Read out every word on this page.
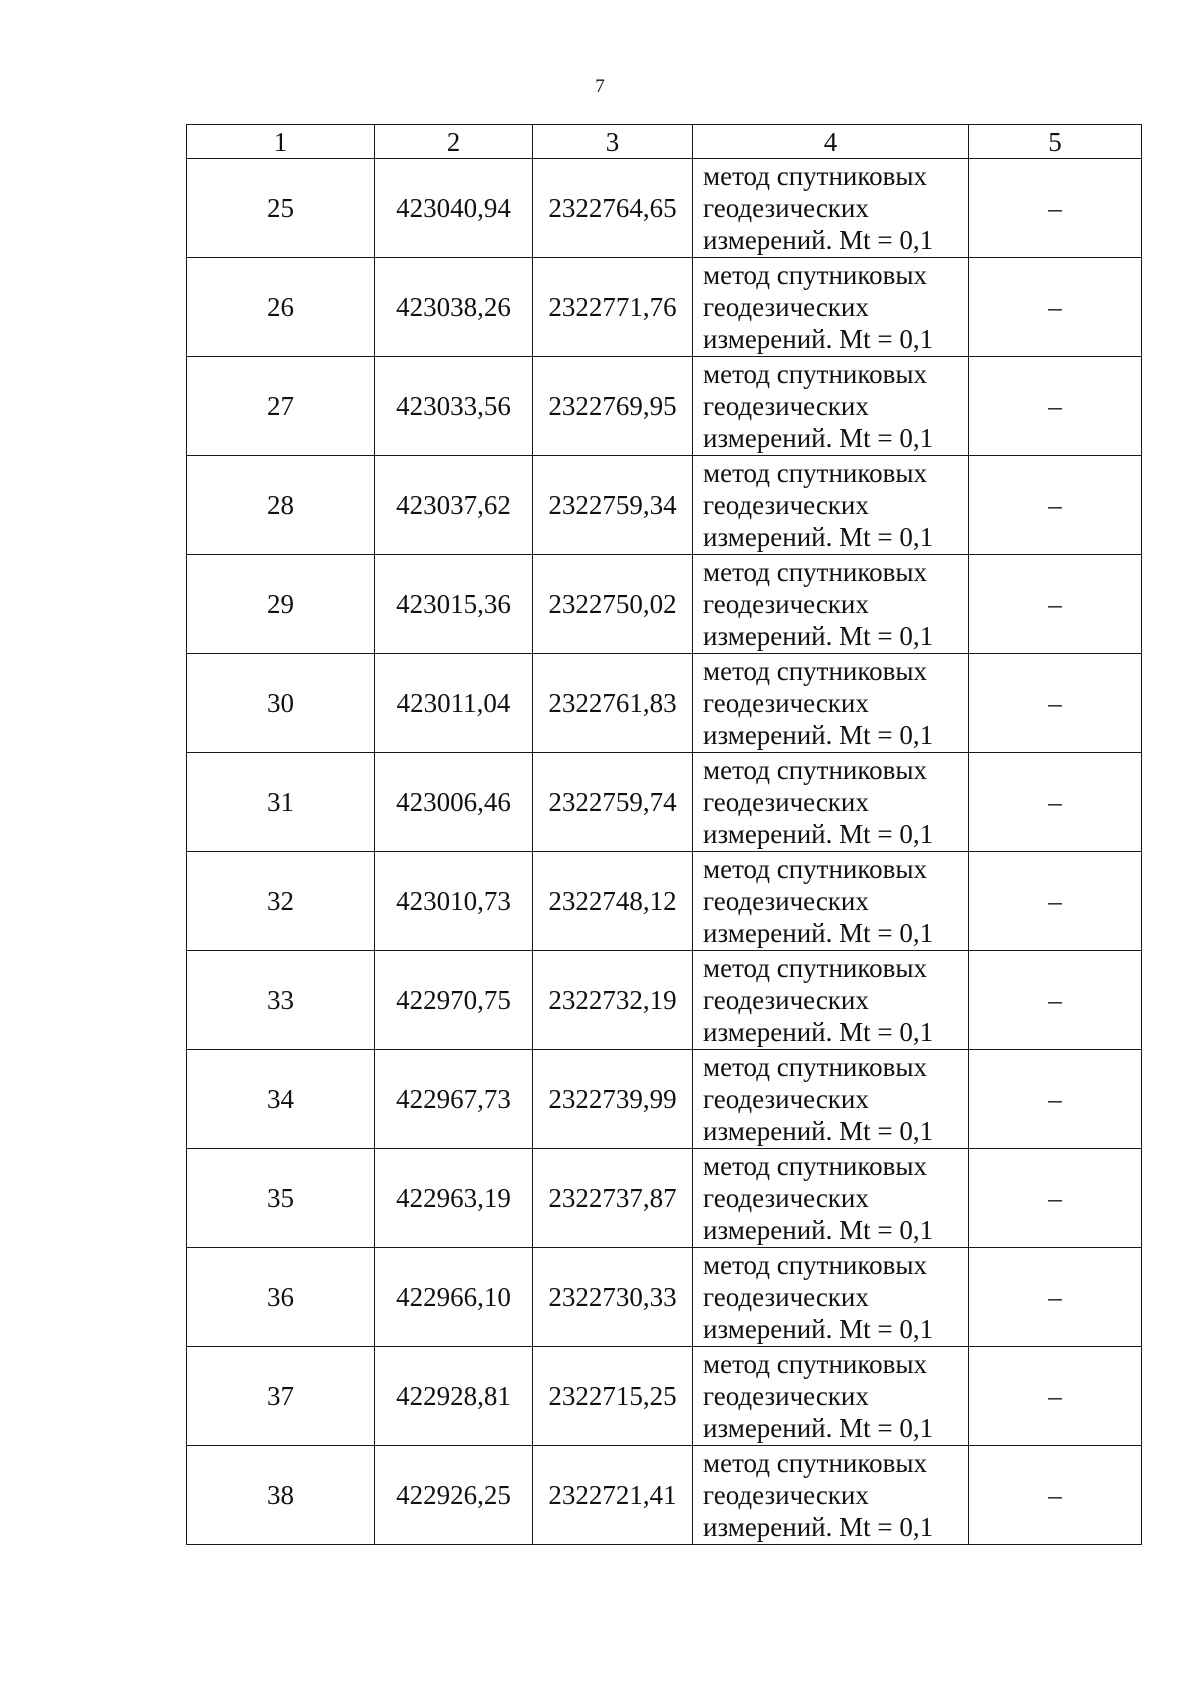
7
1	2	3	4	5
25	423040,94	2322764,65	метод спутниковых
геодезических
измерений. Mt = 0,1	–
26	423038,26	2322771,76	метод спутниковых
геодезических
измерений. Mt = 0,1	–
27	423033,56	2322769,95	метод спутниковых
геодезических
измерений. Mt = 0,1	–
28	423037,62	2322759,34	метод спутниковых
геодезических
измерений. Mt = 0,1	–
29	423015,36	2322750,02	метод спутниковых
геодезических
измерений. Mt = 0,1	–
30	423011,04	2322761,83	метод спутниковых
геодезических
измерений. Mt = 0,1	–
31	423006,46	2322759,74	метод спутниковых
геодезических
измерений. Mt = 0,1	–
32	423010,73	2322748,12	метод спутниковых
геодезических
измерений. Mt = 0,1	–
33	422970,75	2322732,19	метод спутниковых
геодезических
измерений. Mt = 0,1	–
34	422967,73	2322739,99	метод спутниковых
геодезических
измерений. Mt = 0,1	–
35	422963,19	2322737,87	метод спутниковых
геодезических
измерений. Mt = 0,1	–
36	422966,10	2322730,33	метод спутниковых
геодезических
измерений. Mt = 0,1	–
37	422928,81	2322715,25	метод спутниковых
геодезических
измерений. Mt = 0,1	–
38	422926,25	2322721,41	метод спутниковых
геодезических
измерений. Mt = 0,1	–
